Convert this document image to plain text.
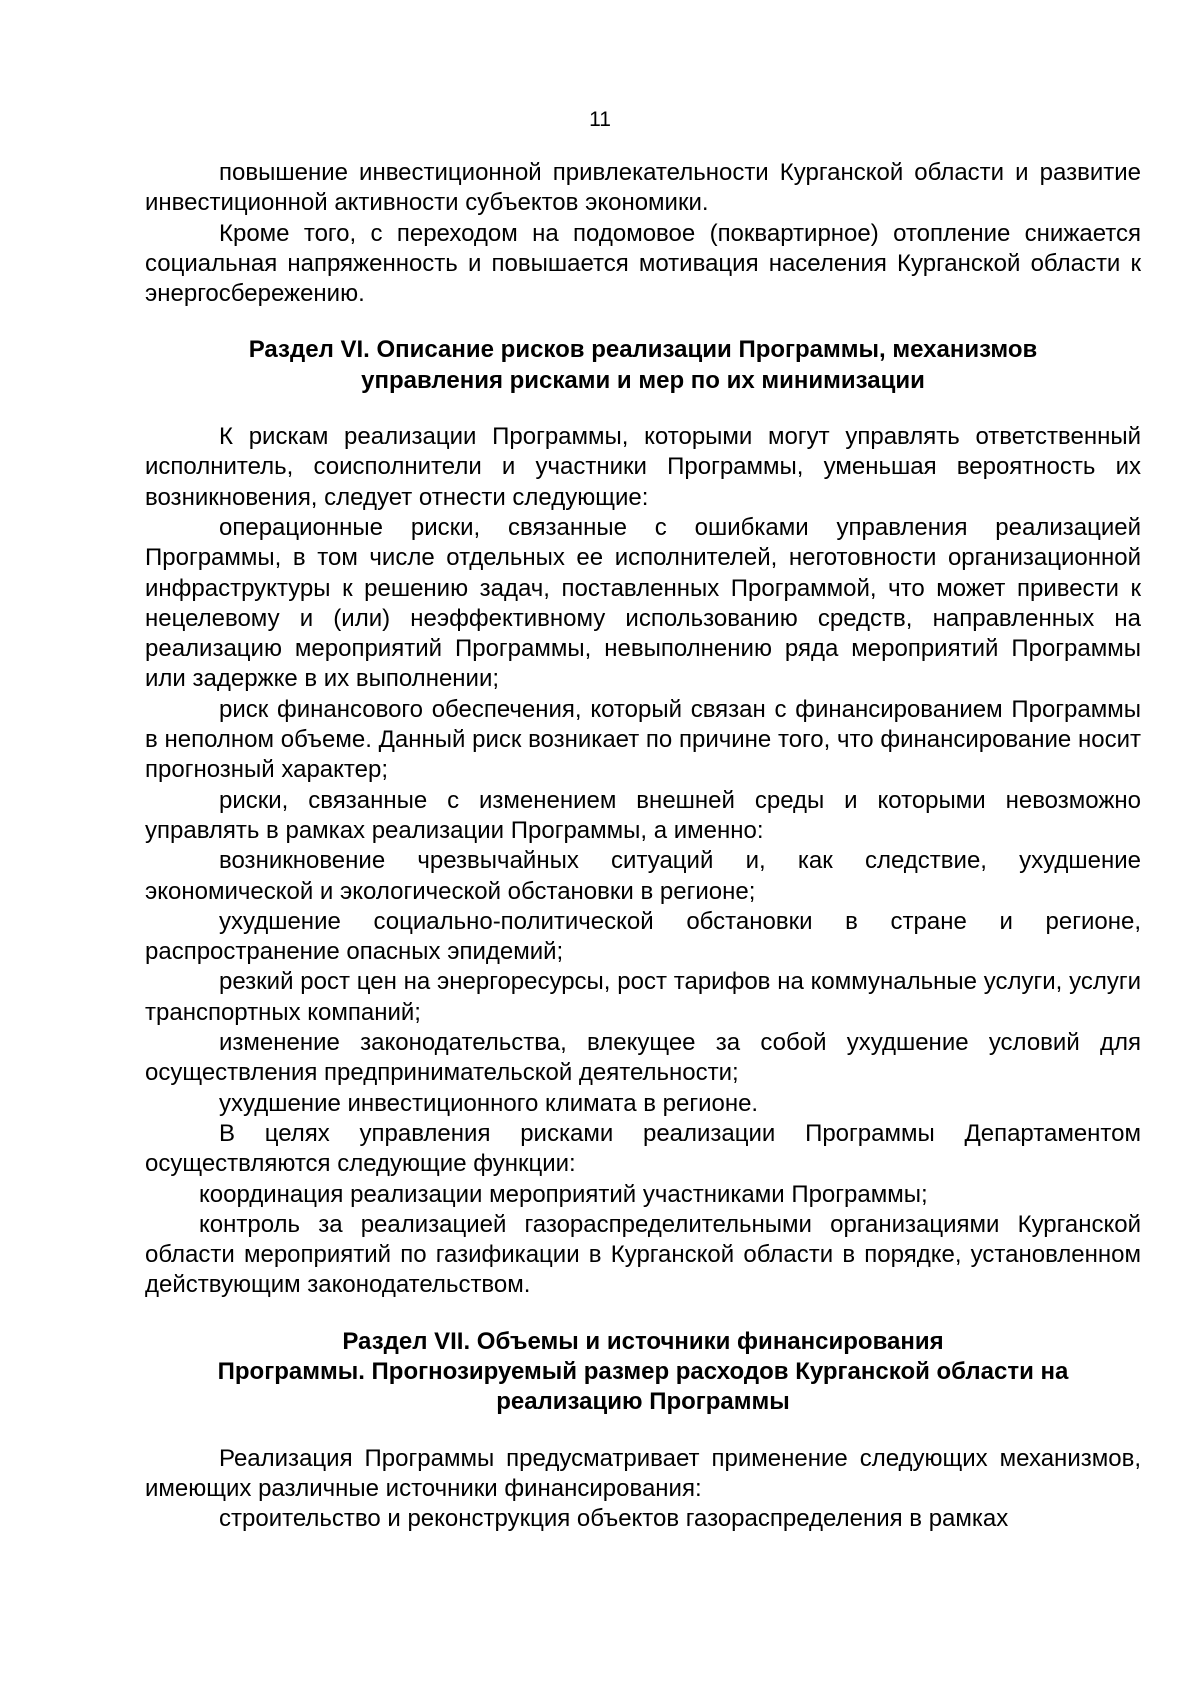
11

повышение инвестиционной привлекательности Курганской области и развитие инвестиционной активности субъектов экономики.

Кроме того, с переходом на подомовое (поквартирное) отопление снижается социальная напряженность и повышается мотивация населения Курганской области к энергосбережению.

Раздел VI. Описание рисков реализации Программы, механизмов
управления рисками и мер по их минимизации

К рискам реализации Программы, которыми могут управлять ответственный исполнитель, соисполнители и участники Программы, уменьшая вероятность их возникновения, следует отнести следующие:

операционные риски, связанные с ошибками управления реализацией Программы, в том числе отдельных ее исполнителей, неготовности организационной инфраструктуры к решению задач, поставленных Программой, что может привести к нецелевому и (или) неэффективному использованию средств, направленных на реализацию мероприятий Программы, невыполнению ряда мероприятий Программы или задержке в их выполнении;

риск финансового обеспечения, который связан с финансированием Программы в неполном объеме. Данный риск возникает по причине того, что финансирование носит прогнозный характер;

риски, связанные с изменением внешней среды и которыми невозможно управлять в рамках реализации Программы, а именно:

возникновение чрезвычайных ситуаций и, как следствие, ухудшение экономической и экологической обстановки в регионе;

ухудшение социально-политической обстановки в стране и регионе, распространение опасных эпидемий;

резкий рост цен на энергоресурсы, рост тарифов на коммунальные услуги, услуги транспортных компаний;

изменение законодательства, влекущее за собой ухудшение условий для осуществления предпринимательской деятельности;

ухудшение инвестиционного климата в регионе.

В целях управления рисками реализации Программы Департаментом осуществляются следующие функции:

координация реализации мероприятий участниками Программы;

контроль за реализацией газораспределительными организациями Курганской области мероприятий по газификации в Курганской области в порядке, установленном действующим законодательством.

Раздел VII. Объемы и источники финансирования
Программы. Прогнозируемый размер расходов Курганской области на
реализацию Программы

Реализация Программы предусматривает применение следующих механизмов, имеющих различные источники финансирования:

строительство и реконструкция объектов газораспределения в рамках
